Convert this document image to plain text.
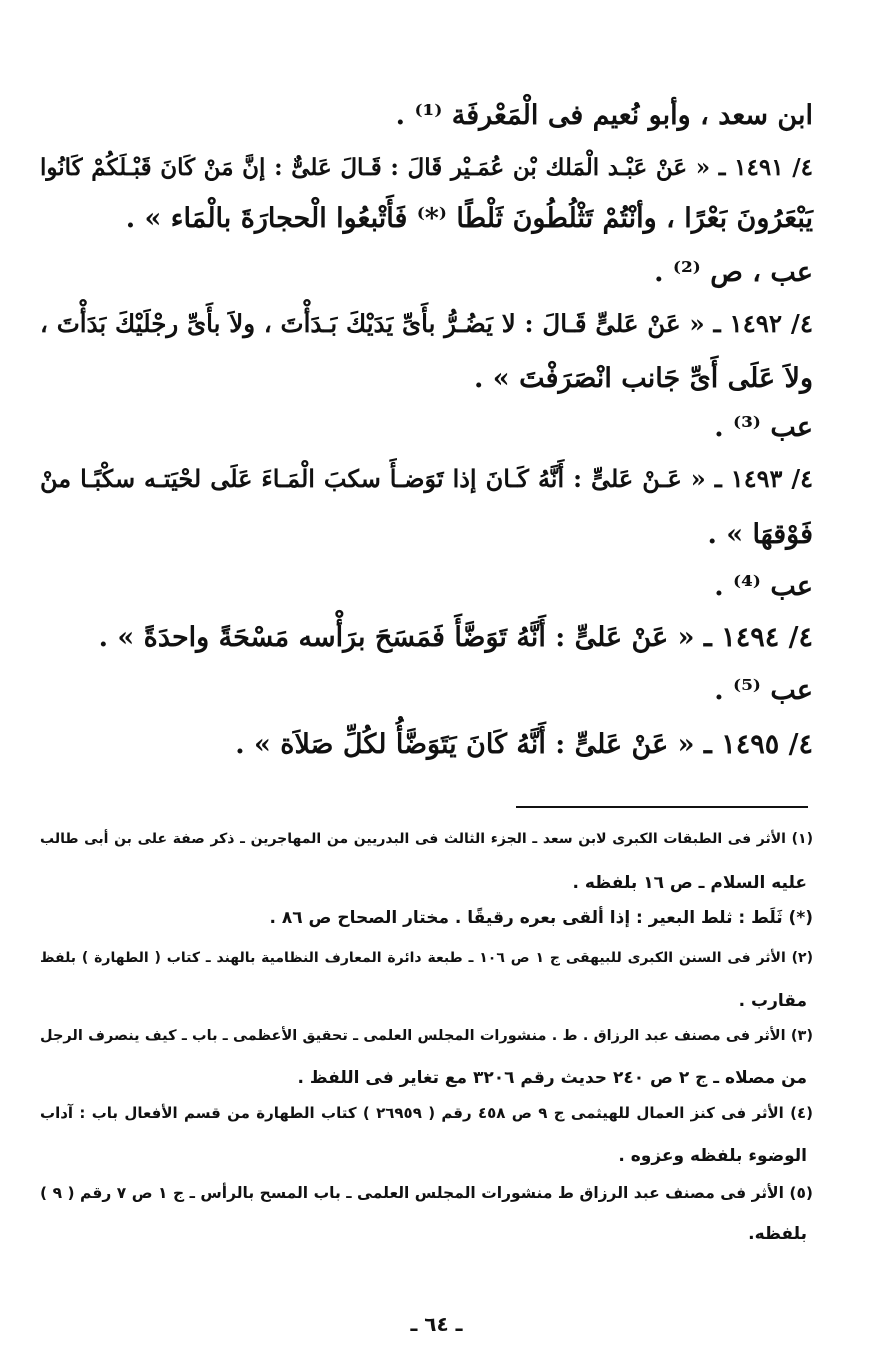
ابن سعد ، وأبو نُعيم فى الْمَعْرفَة ⁽¹⁾ .
٤/ ١٤٩١ ـ « عَنْ عَبْـد الْمَلك بْن عُمَـيْر قَالَ : قَـالَ عَلىٌّ : إنَّ مَنْ كَانَ قَبْـلَكُمْ كَانُوا
يَبْعَرُونَ بَعْرًا ، وأنْتُمْ تَثْلُطُونَ ثَلْطًا ⁽*⁾ فَأَتْبعُوا الْحجارَةَ بالْمَاء » .
عب ، ص ⁽²⁾ .
٤/ ١٤٩٢ ـ « عَنْ عَلىٍّ قَـالَ : لا يَضُـرُّ بأَىِّ يَدَيْكَ بَـدَأْتَ ، ولاَ بأَىِّ رجْلَيْكَ بَدَأْتَ ،
ولاَ عَلَى أَىِّ جَانب انْصَرَفْتَ » .
عب ⁽³⁾ .
٤/ ١٤٩٣ ـ « عَـنْ عَلىٍّ : أَنَّهُ كَـانَ إذا تَوَضـأَ سكبَ الْمَـاءَ عَلَى لحْيَتـه سكْبًـا منْ
فَوْقهَا » .
عب ⁽⁴⁾ .
٤/ ١٤٩٤ ـ « عَنْ عَلىٍّ : أَنَّهُ تَوَضَّأَ فَمَسَحَ برَأْسه مَسْحَةً واحدَةً » .
عب ⁽⁵⁾ .
٤/ ١٤٩٥ ـ « عَنْ عَلىٍّ : أَنَّهُ كَانَ يَتَوَضَّأُ لكُلِّ صَلاَة » .
(١) الأثر فى الطبقات الكبرى لابن سعد ـ الجزء الثالث فى البدريين من المهاجرين ـ ذكر صفة على بن أبى طالب
عليه السلام ـ ص ١٦ بلفظه .
(*) ثَلَط : ثلط البعير : إذا ألقى بعره رقيقًا . مختار الصحاح ص ٨٦ .
(٢) الأثر فى السنن الكبرى للبيهقى ج ١ ص ١٠٦ ـ طبعة دائرة المعارف النظامية بالهند ـ كتاب ( الطهارة ) بلفظ
مقارب .
(٣) الأثر فى مصنف عبد الرزاق . ط . منشورات المجلس العلمى ـ تحقيق الأعظمى ـ باب ـ كيف ينصرف الرجل
من مصلاه ـ ج ٢ ص ٢٤٠ حديث رقم ٣٢٠٦ مع تغاير فى اللفظ .
(٤) الأثر فى كنز العمال للهيثمى ج ٩ ص ٤٥٨ رقم ( ٢٦٩٥٩ ) كتاب الطهارة من قسم الأفعال باب : آداب
الوضوء بلفظه وعزوه .
(٥) الأثر فى مصنف عبد الرزاق ط منشورات المجلس العلمى ـ باب المسح بالرأس ـ ج ١ ص ٧ رقم ( ٩ )
بلفظه.
ـ ٦٤ ـ
